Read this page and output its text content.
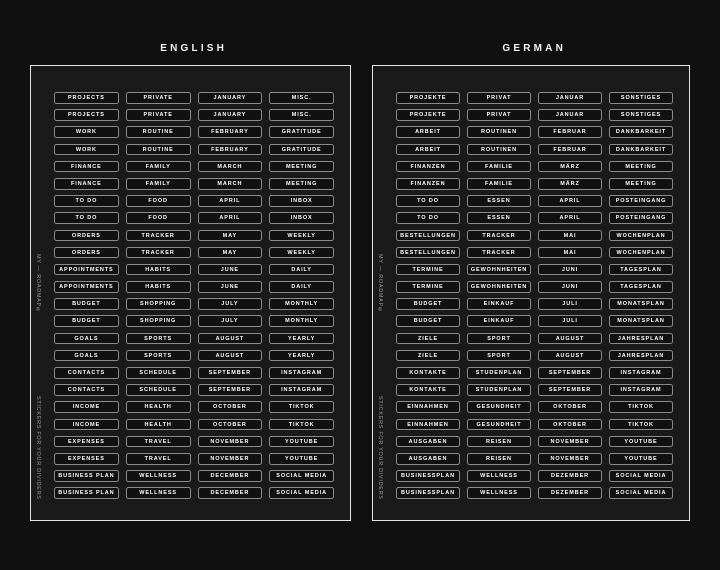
ENGLISH	GERMAN
MY — ROADMAP®
STICKERS FOR YOUR DIVIDERS
PROJECTS	PRIVATE	JANUARY	MISC.
PROJECTS	PRIVATE	JANUARY	MISC.
WORK	ROUTINE	FEBRUARY	GRATITUDE
WORK	ROUTINE	FEBRUARY	GRATITUDE
FINANCE	FAMILY	MARCH	MEETING
FINANCE	FAMILY	MARCH	MEETING
TO DO	FOOD	APRIL	INBOX
TO DO	FOOD	APRIL	INBOX
ORDERS	TRACKER	MAY	WEEKLY
ORDERS	TRACKER	MAY	WEEKLY
APPOINTMENTS	HABITS	JUNE	DAILY
APPOINTMENTS	HABITS	JUNE	DAILY
BUDGET	SHOPPING	JULY	MONTHLY
BUDGET	SHOPPING	JULY	MONTHLY
GOALS	SPORTS	AUGUST	YEARLY
GOALS	SPORTS	AUGUST	YEARLY
CONTACTS	SCHEDULE	SEPTEMBER	INSTAGRAM
CONTACTS	SCHEDULE	SEPTEMBER	INSTAGRAM
INCOME	HEALTH	OCTOBER	TIKTOK
INCOME	HEALTH	OCTOBER	TIKTOK
EXPENSES	TRAVEL	NOVEMBER	YOUTUBE
EXPENSES	TRAVEL	NOVEMBER	YOUTUBE
BUSINESS PLAN	WELLNESS	DECEMBER	SOCIAL MEDIA
BUSINESS PLAN	WELLNESS	DECEMBER	SOCIAL MEDIA
MY — ROADMAP®
STICKERS FOR YOUR DIVIDERS
PROJEKTE	PRIVAT	JANUAR	SONSTIGES
PROJEKTE	PRIVAT	JANUAR	SONSTIGES
ARBEIT	ROUTINEN	FEBRUAR	DANKBARKEIT
ARBEIT	ROUTINEN	FEBRUAR	DANKBARKEIT
FINANZEN	FAMILIE	MÄRZ	MEETING
FINANZEN	FAMILIE	MÄRZ	MEETING
TO DO	ESSEN	APRIL	POSTEINGANG
TO DO	ESSEN	APRIL	POSTEINGANG
BESTELLUNGEN	TRACKER	MAI	WOCHENPLAN
BESTELLUNGEN	TRACKER	MAI	WOCHENPLAN
TERMINE	GEWOHNHEITEN	JUNI	TAGESPLAN
TERMINE	GEWOHNHEITEN	JUNI	TAGESPLAN
BUDGET	EINKAUF	JULI	MONATSPLAN
BUDGET	EINKAUF	JULI	MONATSPLAN
ZIELE	SPORT	AUGUST	JAHRESPLAN
ZIELE	SPORT	AUGUST	JAHRESPLAN
KONTAKTE	STUDENPLAN	SEPTEMBER	INSTAGRAM
KONTAKTE	STUDENPLAN	SEPTEMBER	INSTAGRAM
EINNAHMEN	GESUNDHEIT	OKTOBER	TIKTOK
EINNAHMEN	GESUNDHEIT	OKTOBER	TIKTOK
AUSGABEN	REISEN	NOVEMBER	YOUTUBE
AUSGABEN	REISEN	NOVEMBER	YOUTUBE
BUSINESSPLAN	WELLNESS	DEZEMBER	SOCIAL MEDIA
BUSINESSPLAN	WELLNESS	DEZEMBER	SOCIAL MEDIA
